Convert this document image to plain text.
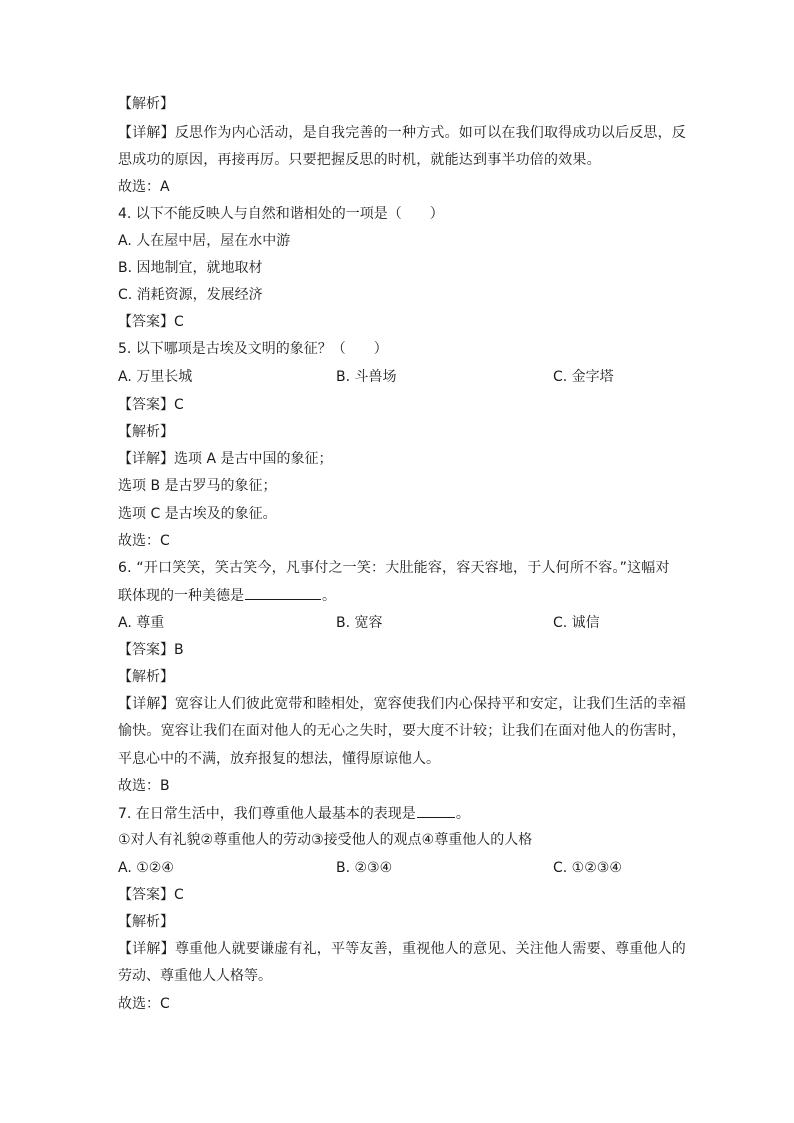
【解析】
【详解】反思作为内心活动，是自我完善的一种方式。如可以在我们取得成功以后反思，反
思成功的原因，再接再厉。只要把握反思的时机，就能达到事半功倍的效果。
故选：A
4. 以下不能反映人与自然和谐相处的一项是（　　）
A. 人在屋中居，屋在水中游
B. 因地制宜，就地取材
C. 消耗资源，发展经济
【答案】C
5. 以下哪项是古埃及文明的象征？（　　）
A. 万里长城	B. 斗兽场	C. 金字塔
【答案】C
【解析】
【详解】选项 A 是古中国的象征；
选项 B 是古罗马的象征；
选项 C 是古埃及的象征。
故选：C
6. “开口笑笑，笑古笑今，凡事付之一笑：大肚能容，容天容地，于人何所不容。”这幅对
联体现的一种美德是	。
A. 尊重	B. 宽容	C. 诚信
【答案】B
【解析】
【详解】宽容让人们彼此宽带和睦相处，宽容使我们内心保持平和安定，让我们生活的幸福
愉快。宽容让我们在面对他人的无心之失时，要大度不计较；让我们在面对他人的伤害时，
平息心中的不满，放弃报复的想法，懂得原谅他人。
故选：B
7. 在日常生活中，我们尊重他人最基本的表现是	。
①对人有礼貌②尊重他人的劳动③接受他人的观点④尊重他人的人格
A. ①②④	B. ②③④	C. ①②③④
【答案】C
【解析】
【详解】尊重他人就要谦虚有礼，平等友善，重视他人的意见、关注他人需要、尊重他人的
劳动、尊重他人人格等。
故选：C
